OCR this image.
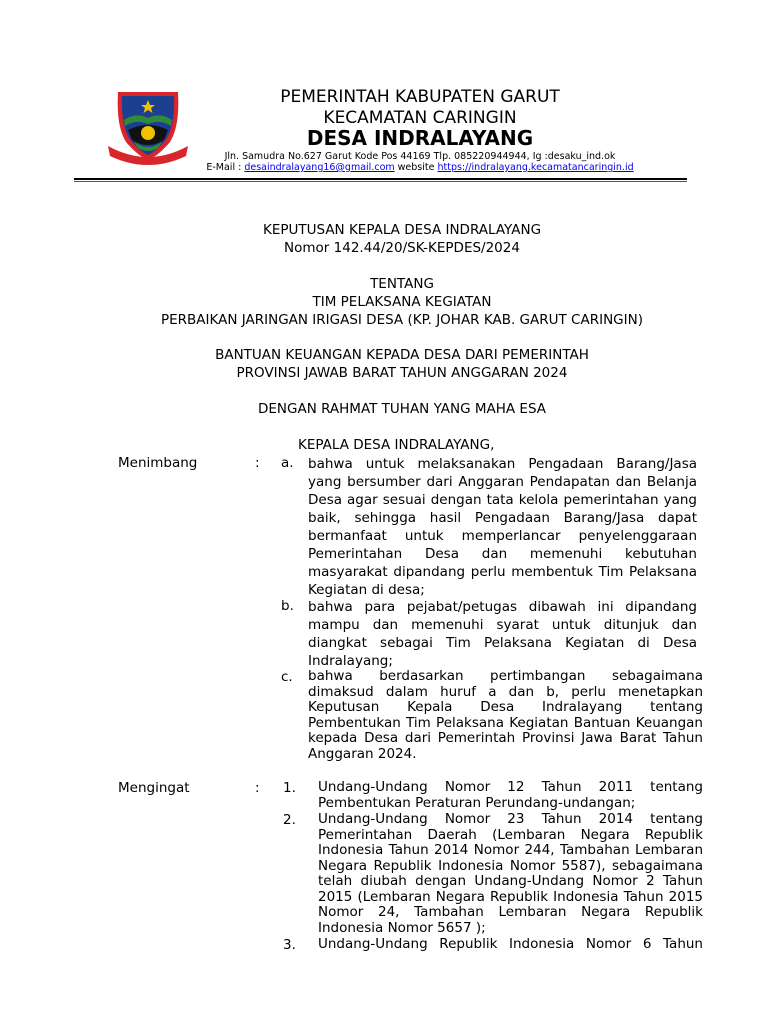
PEMERINTAH KABUPATEN GARUT
KECAMATAN CARINGIN
DESA INDRALAYANG
Jln. Samudra No.627 Garut Kode Pos 44169 Tlp. 085220944944, Ig :desaku_ind.ok
E-Mail : desaindralayang16@gmail.com website https://indralayang.kecamatancaringin.id
KEPUTUSAN KEPALA DESA INDRALAYANG
Nomor 142.44/20/SK-KEPDES/2024
TENTANG
TIM PELAKSANA KEGIATAN
PERBAIKAN JARINGAN IRIGASI DESA (KP. JOHAR KAB. GARUT CARINGIN)
BANTUAN KEUANGAN KEPADA DESA DARI PEMERINTAH
PROVINSI JAWAB BARAT TAHUN ANGGARAN 2024
DENGAN RAHMAT TUHAN YANG MAHA ESA
KEPALA DESA INDRALAYANG,
Menimbang	: a. bahwa untuk melaksanakan Pengadaan Barang/Jasa yang bersumber dari Anggaran Pendapatan dan Belanja Desa agar sesuai dengan tata kelola pemerintahan yang baik, sehingga hasil Pengadaan Barang/Jasa dapat bermanfaat untuk memperlancar penyelenggaraan Pemerintahan Desa dan memenuhi kebutuhan masyarakat dipandang perlu membentuk Tim Pelaksana Kegiatan di desa;
b. bahwa para pejabat/petugas dibawah ini dipandang mampu dan memenuhi syarat untuk ditunjuk dan diangkat sebagai Tim Pelaksana Kegiatan di Desa Indralayang;
c. bahwa berdasarkan pertimbangan sebagaimana dimaksud dalam huruf a dan b, perlu menetapkan Keputusan Kepala Desa Indralayang tentang Pembentukan Tim Pelaksana Kegiatan Bantuan Keuangan kepada Desa dari Pemerintah Provinsi Jawa Barat Tahun Anggaran 2024.
Mengingat	: 1. Undang-Undang Nomor 12 Tahun 2011 tentang Pembentukan Peraturan Perundang-undangan;
2. Undang-Undang Nomor 23 Tahun 2014 tentang Pemerintahan Daerah (Lembaran Negara Republik Indonesia Tahun 2014 Nomor 244, Tambahan Lembaran Negara Republik Indonesia Nomor 5587), sebagaimana telah diubah dengan Undang-Undang Nomor 2 Tahun 2015 (Lembaran Negara Republik Indonesia Tahun 2015 Nomor 24, Tambahan Lembaran Negara Republik Indonesia Nomor 5657 );
3. Undang-Undang Republik Indonesia Nomor 6 Tahun
